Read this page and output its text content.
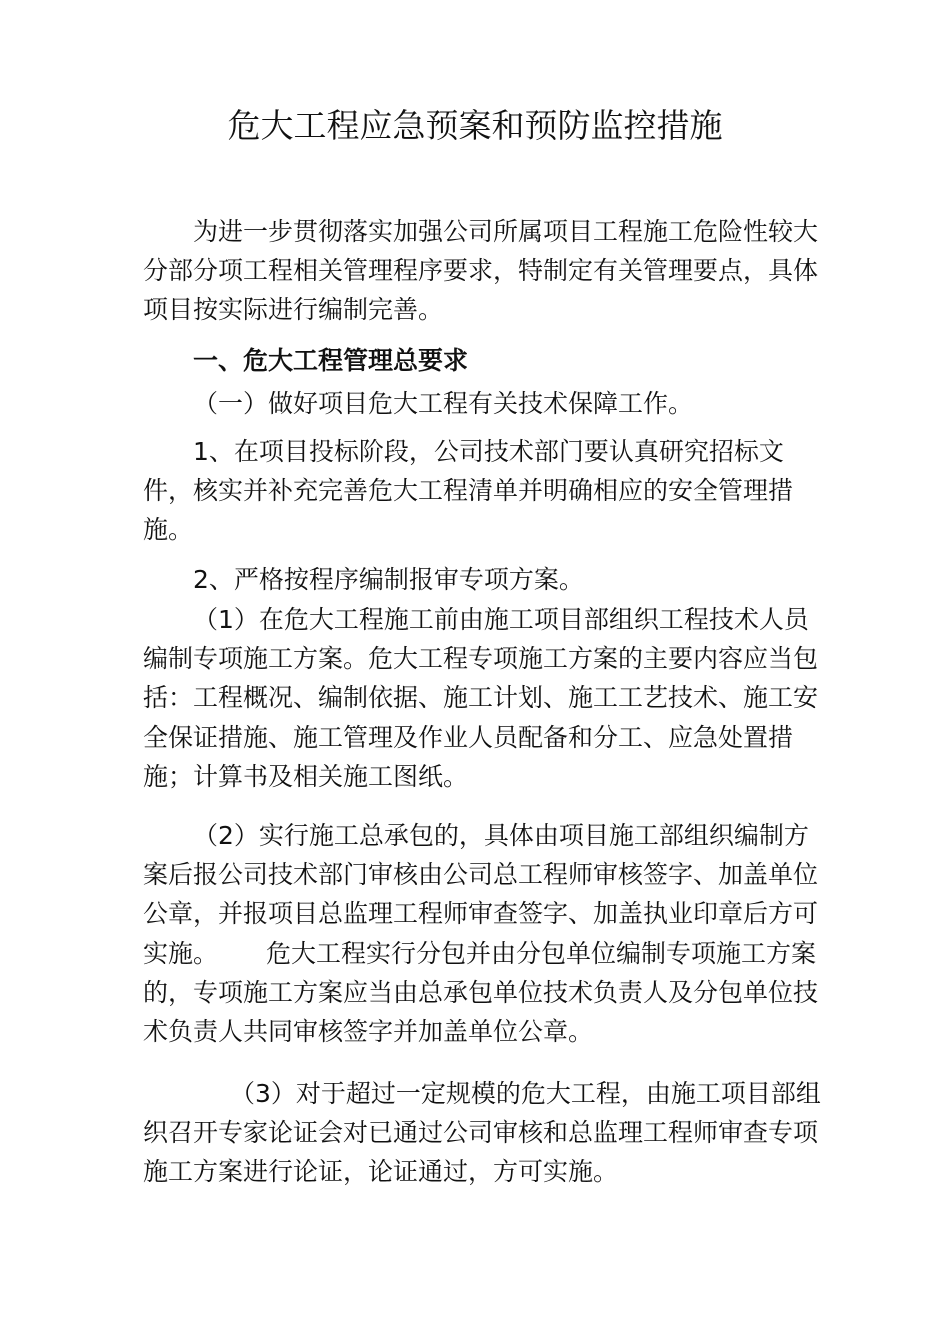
危大工程应急预案和预防监控措施

为进一步贯彻落实加强公司所属项目工程施工危险性较大分部分项工程相关管理程序要求，特制定有关管理要点，具体项目按实际进行编制完善。

一、危大工程管理总要求

（一）做好项目危大工程有关技术保障工作。

1、在项目投标阶段，公司技术部门要认真研究招标文件，核实并补充完善危大工程清单并明确相应的安全管理措施。

2、严格按程序编制报审专项方案。

（1）在危大工程施工前由施工项目部组织工程技术人员编制专项施工方案。危大工程专项施工方案的主要内容应当包括：工程概况、编制依据、施工计划、施工工艺技术、施工安全保证措施、施工管理及作业人员配备和分工、应急处置措施；计算书及相关施工图纸。

（2）实行施工总承包的，具体由项目施工部组织编制方案后报公司技术部门审核由公司总工程师审核签字、加盖单位公章，并报项目总监理工程师审查签字、加盖执业印章后方可实施。 危大工程实行分包并由分包单位编制专项施工方案的，专项施工方案应当由总承包单位技术负责人及分包单位技术负责人共同审核签字并加盖单位公章。

（3）对于超过一定规模的危大工程，由施工项目部组织召开专家论证会对已通过公司审核和总监理工程师审查专项施工方案进行论证，论证通过，方可实施。
